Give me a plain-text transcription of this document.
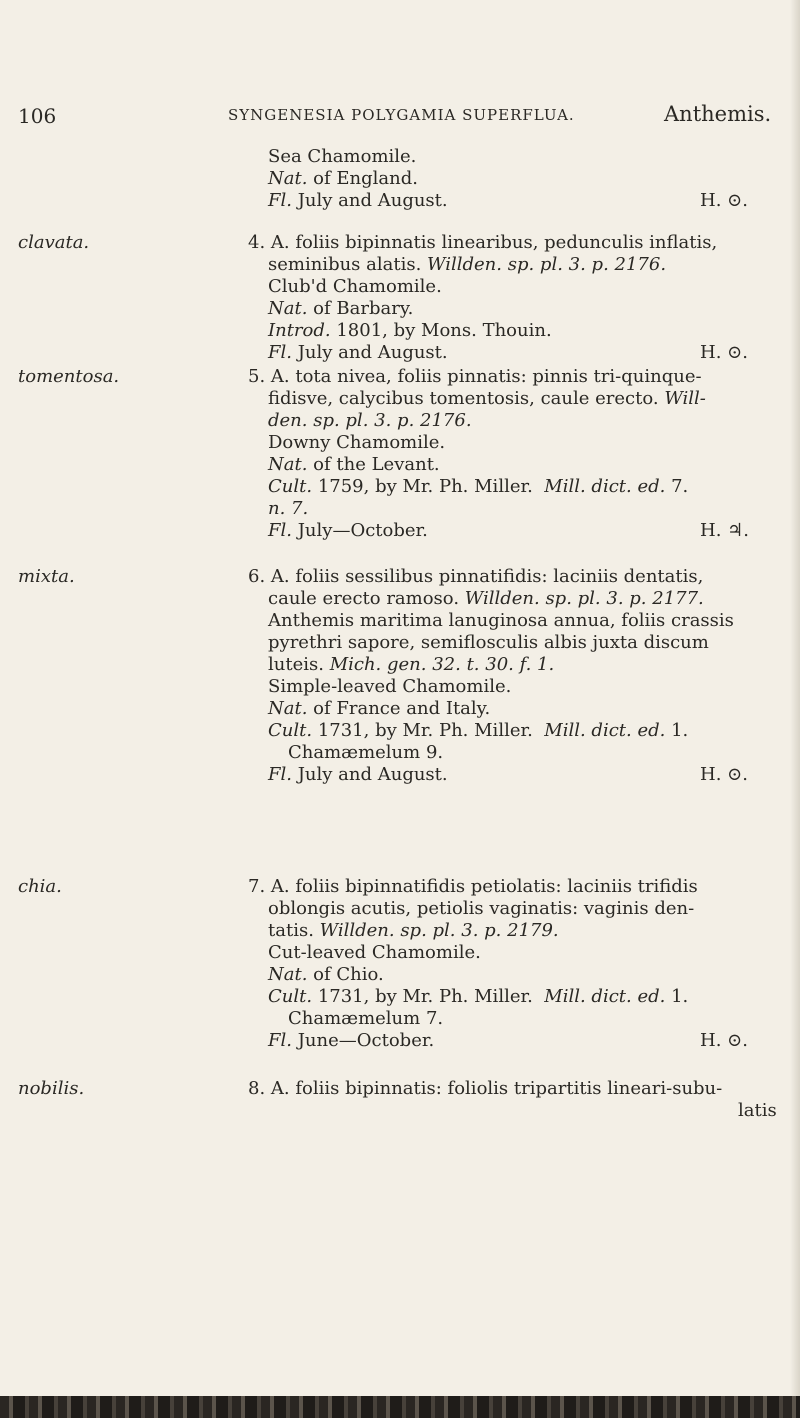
106	SYNGENESIA POLYGAMIA SUPERFLUA.	Anthemis.
Sea Chamomile.
Nat. of England.
Fl. July and August.	H. ⊙.
clavata.	4. A. foliis bipinnatis linearibus, pedunculis inflatis,
seminibus alatis. Willden. sp. pl. 3. p. 2176.
Club'd Chamomile.
Nat. of Barbary.
Introd. 1801, by Mons. Thouin.
Fl. July and August.	H. ⊙.
tomentosa.	5. A. tota nivea, foliis pinnatis: pinnis tri-quinque-
fidisve, calycibus tomentosis, caule erecto. Will-
den. sp. pl. 3. p. 2176.
Downy Chamomile.
Nat. of the Levant.
Cult. 1759, by Mr. Ph. Miller. Mill. dict. ed. 7.
n. 7.
Fl. July—October.	H. ♃.
mixta.	6. A. foliis sessilibus pinnatifidis: laciniis dentatis,
caule erecto ramoso. Willden. sp. pl. 3. p. 2177.
Anthemis maritima lanuginosa annua, foliis crassis
pyrethri sapore, semiflosculis albis juxta discum
luteis. Mich. gen. 32. t. 30. f. 1.
Simple-leaved Chamomile.
Nat. of France and Italy.
Cult. 1731, by Mr. Ph. Miller. Mill. dict. ed. 1.
Chamæmelum 9.
Fl. July and August.	H. ⊙.
chia.	7. A. foliis bipinnatifidis petiolatis: laciniis trifidis
oblongis acutis, petiolis vaginatis: vaginis den-
tatis. Willden. sp. pl. 3. p. 2179.
Cut-leaved Chamomile.
Nat. of Chio.
Cult. 1731, by Mr. Ph. Miller. Mill. dict. ed. 1.
Chamæmelum 7.
Fl. June—October.	H. ⊙.
nobilis.	8. A. foliis bipinnatis: foliolis tripartitis lineari-subu-
latis
